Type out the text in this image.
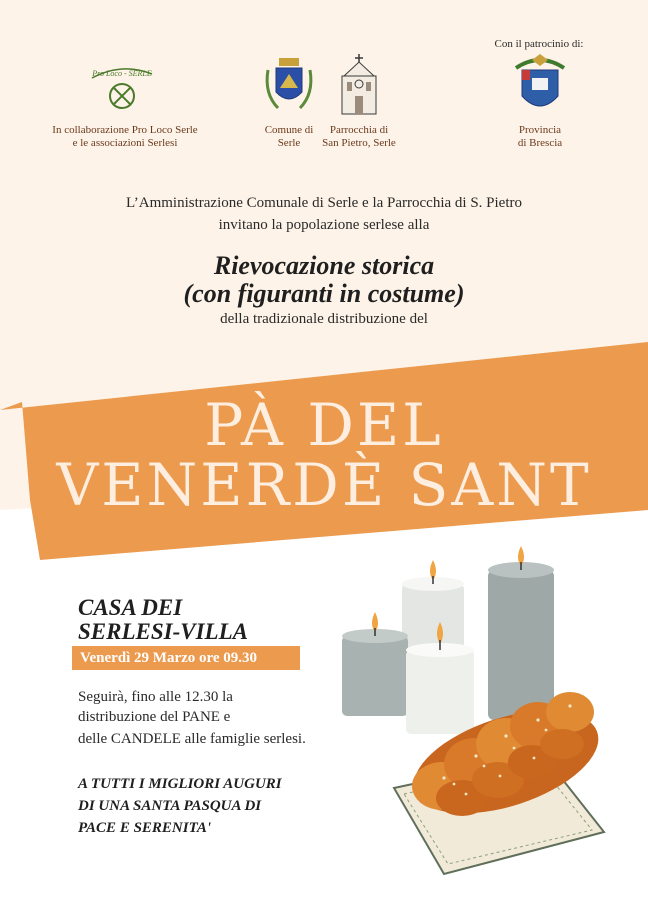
Pro Loco - SERLE
In collaborazione Pro Loco Serle
e le associazioni Serlesi
Comune di
Serle
Parrocchia di
San Pietro, Serle
Con il patrocinio di:
Provincia
di Brescia
L’Amministrazione Comunale di Serle e la Parrocchia di S. Pietro
invitano la popolazione serlese alla
Rievocazione storica
(con figuranti in costume)
della tradizionale distribuzione del
PÀ DEL
VENERDÈ SANT
CASA DEI
SERLESI-VILLA
Venerdì 29 Marzo ore 09.30
Seguirà, fino alle 12.30 la
distribuzione del PANE e
delle CANDELE alle famiglie serlesi.
A TUTTI I MIGLIORI AUGURI
DI UNA SANTA PASQUA DI
PACE E SERENITA'
